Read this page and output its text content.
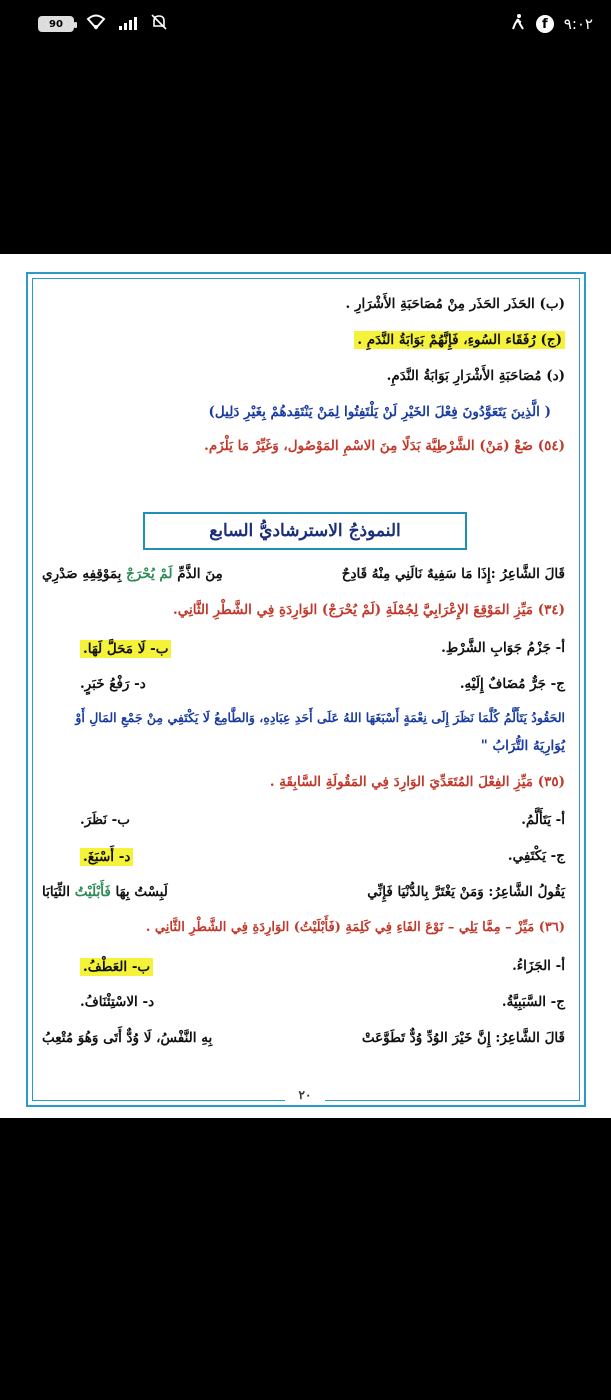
90	f	٩:٠٢
(ب) الحَذَر الحَذَر مِنْ مُصَاحَبَةِ الأَشْرَارِ .
(ج) رُفَقَاء السُوءِ، فَإِنَّهُمْ بَوَابَةُ النَّدَمِ .
(د) مُصَاحَبَةِ الأَشْرَارِ بَوَابَةُ النَّدَمِ.
( الَّذِينَ يَتَعَوَّدُونَ فِعْلَ الخَيْرِ لَنْ يَلْتَفِتُوا لِمَنْ يَنْتَقِدهُمْ بِغَيْرِ دَلِيل)
(٥٤) ضَعْ (مَنْ) الشَّرْطِيَّة بَدَلًا مِنَ الاسْمِ المَوْصُول، وَغَيِّرْ مَا يَلْزَم.
النموذجُ الاسترشاديُّ السابع
قَالَ الشَّاعِرُ :إِذَا مَا سَفِيهٌ نَالَنِي مِنْهُ قَادِحٌ
مِنَ الذَّمِّ لَمْ يُحْرَجْ بِمَوْقِفِهِ صَدْرِي
(٣٤) مَيِّزِ المَوْقِعَ الإِعْرَابِيَّ لِجُمْلَةِ (لَمْ يُحْرَجْ) الوَارِدَةِ فِي الشَّطْرِ الثَّانِي.
أ- جَزْمُ جَوَابِ الشَّرْطِ.
ب- لَا مَحَلَّ لَهَا.
ج- جَرٌّ مُضَافٌ إِلَيْهِ.
د- رَفْعُ خَبَرٍ.
الحَقُودُ يَتَأَلَّمُ كُلَّمَا نَظَرَ إِلَى نِعْمَةٍ أَسْبَغَهَا اللهُ عَلَى أَحَدِ عِبَادِهِ، وَالطَّامِعُ لَا يَكْتَفِي مِنْ جَمْعِ المَالِ أَوْ
يُوَارِيَهُ التُّرَابُ "
(٣٥) مَيِّزِ الفِعْلَ المُتَعَدِّيَ الوَارِدَ فِي المَقُولَةِ السَّابِقَةِ .
أ- يَتَأَلَّمُ.
ب- نَظَرَ.
ج- يَكْتَفِي.
د- أَسْبَغَ.
يَقُولُ الشَّاعِرُ: وَمَنْ يَغْتَرَّ بِالدُّنْيَا فَإِنِّي
لَبِسْتُ بِهَا فَأَبْلَيْتُ الثِّيَابَا
(٣٦) مَيِّزْ – مِمَّا يَلِي – نَوْعَ الفَاءِ فِي كَلِمَةِ (فَأَبْلَيْتُ) الوَارِدَةِ فِي الشَّطْرِ الثَّانِي .
أ- الجَزَاءُ.
ب- العَطْفُ.
ج- السَّبَبِيَّةُ.
د- الاسْتِئْنَافُ.
قَالَ الشَّاعِرُ: إِنَّ خَيْرَ الوُدِّ وُدٌّ تَطَوَّعَتْ
بِهِ النَّفْسُ، لَا وُدٌّ أَتَى وَهُوَ مُتْعِبُ
٢٠
